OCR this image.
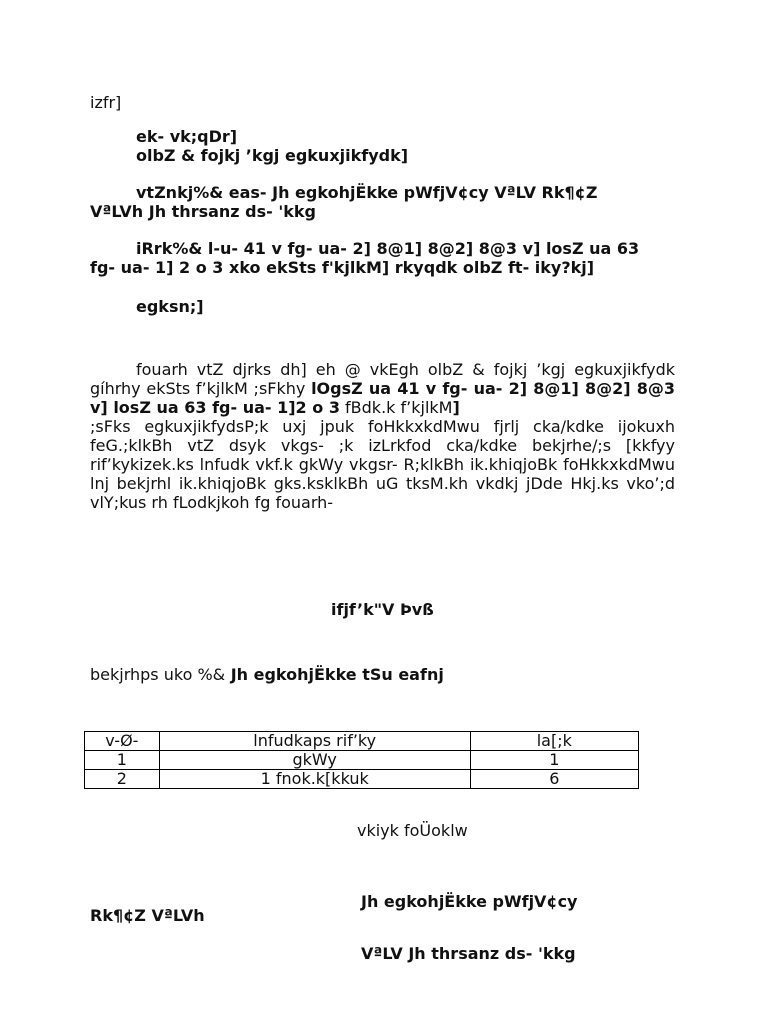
izfr]
ek- vk;qDr]
olbZ & fojkj ’kgj egkuxjikfydk]
vtZnkj%& eas- Jh egkohjËkke pWfjV¢cy VªLV Rk¶¢Z
VªLVh Jh thrsanz ds- 'kkg
iRrk%& l-u- 41 v fg- ua- 2] 8@1] 8@2] 8@3 v] losZ ua 63
fg- ua- 1] 2 o 3 xko ekSts f'kjlkM] rkyqdk olbZ ft- iky?kj]
egksn;]
fouarh vtZ djrks dh] eh @ vkEgh olbZ & fojkj ’kgj egkuxjikfydk gíhrhy ekSts f’kjlkM ;sFkhy lOgsZ ua 41 v fg- ua- 2] 8@1] 8@2] 8@3 v] losZ ua 63 fg- ua- 1]2 o 3 fBdk.k f’kjlkM]
;sFks egkuxjikfydsP;k uxj jpuk foHkkxkdMwu fjrlj cka/kdke ijokuxh feG.;klkBh vtZ dsyk vkgs- ;k izLrkfod cka/kdke bekjrhe/;s [kkfyy rif’kykizek.ks lnfudk vkf.k gkWy vkgsr- R;klkBh ik.khiqjoBk foHkkxkdMwu lnj bekjrhl ik.khiqjoBk gks.ksklkBh uG tksM.kh vkdkj jDde Hkj.ks vko’;d vlY;kus rh fLodkjkoh fg fouarh-
ifjf’k"V Þvß
bekjrhps uko %& Jh egkohjËkke tSu eafnj
v-Ø-	lnfudkaps rif’ky	la[;k
1	gkWy	1
2	1 fnok.k[kkuk	6
vkiyk foÜoklw
Jh egkohjËkke pWfjV¢cy
Rk¶¢Z VªLVh
VªLV Jh thrsanz ds- 'kkg
